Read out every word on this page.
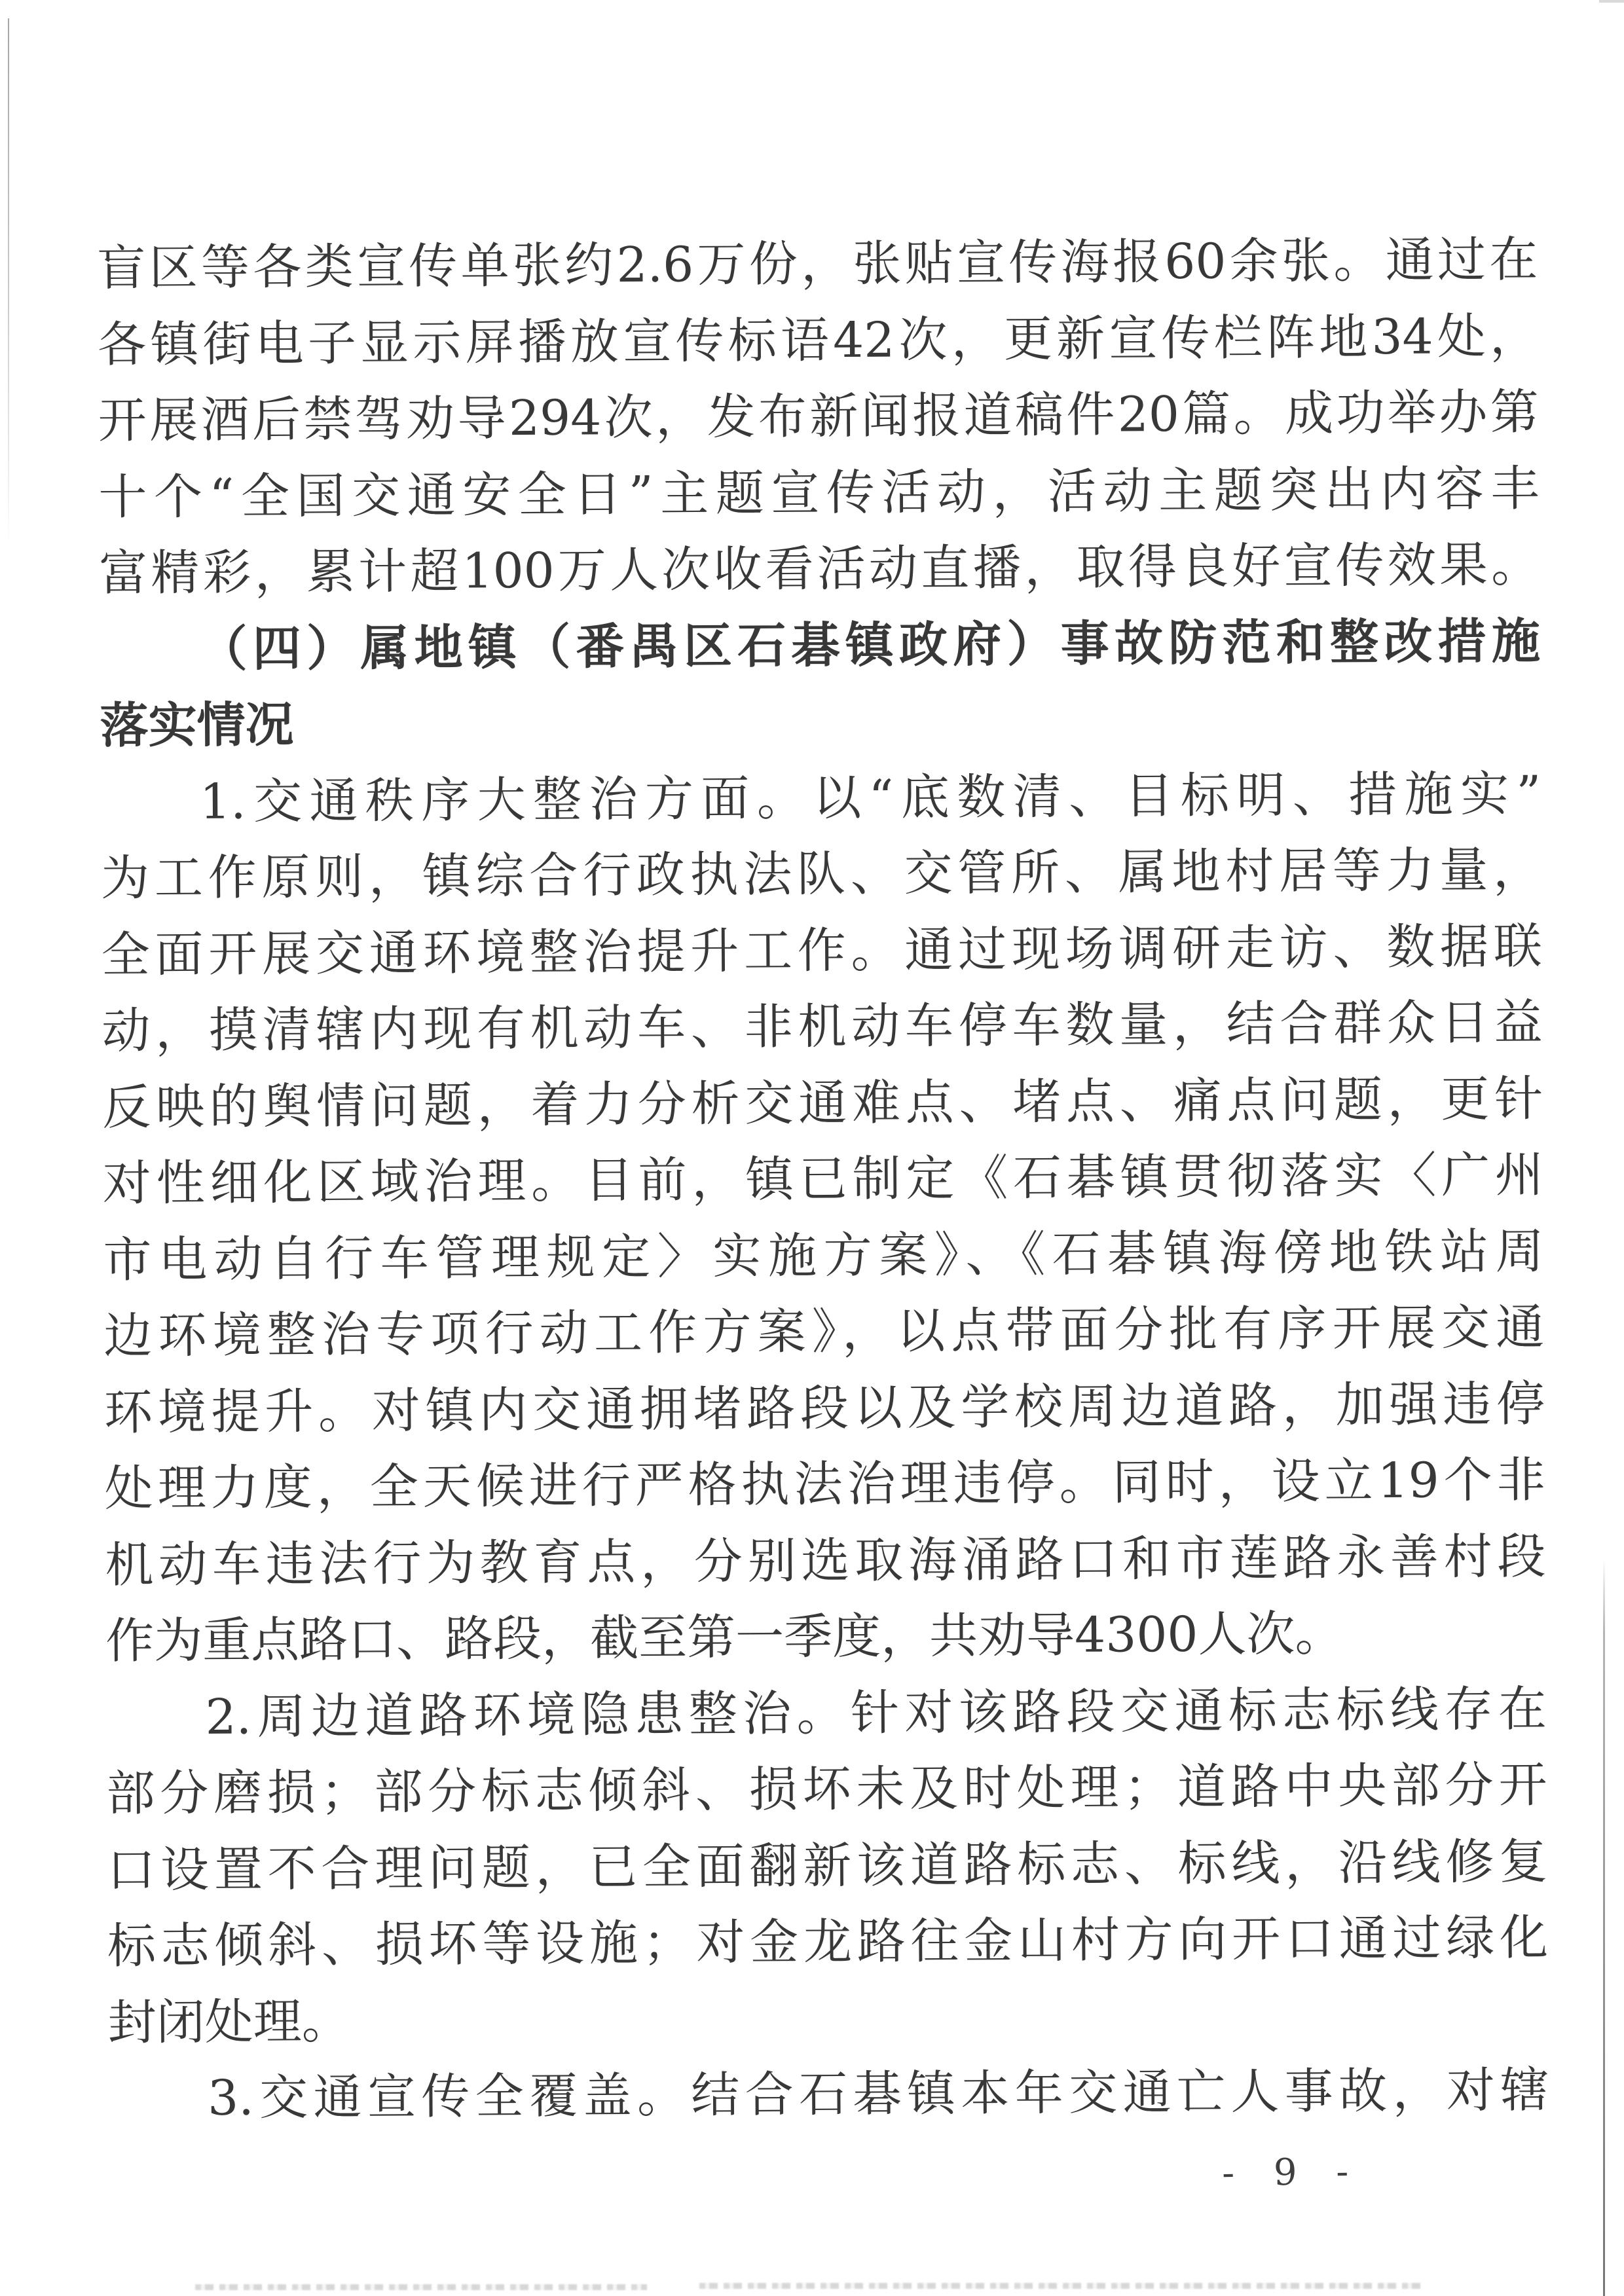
盲区等各类宣传单张约2.6万份，张贴宣传海报60余张。通过在
各镇街电子显示屏播放宣传标语42次，更新宣传栏阵地34处，
开展酒后禁驾劝导294次，发布新闻报道稿件20篇。成功举办第
十个“全国交通安全日”主题宣传活动，活动主题突出内容丰
富精彩，累计超100万人次收看活动直播，取得良好宣传效果。
（四）属地镇（番禺区石碁镇政府）事故防范和整改措施
落实情况
1.交通秩序大整治方面。以“底数清、目标明、措施实”
为工作原则，镇综合行政执法队、交管所、属地村居等力量，
全面开展交通环境整治提升工作。通过现场调研走访、数据联
动，摸清辖内现有机动车、非机动车停车数量，结合群众日益
反映的舆情问题，着力分析交通难点、堵点、痛点问题，更针
对性细化区域治理。目前，镇已制定《石碁镇贯彻落实〈广州
市电动自行车管理规定〉实施方案》、《石碁镇海傍地铁站周
边环境整治专项行动工作方案》，以点带面分批有序开展交通
环境提升。对镇内交通拥堵路段以及学校周边道路，加强违停
处理力度，全天候进行严格执法治理违停。同时，设立19个非
机动车违法行为教育点，分别选取海涌路口和市莲路永善村段
作为重点路口、路段，截至第一季度，共劝导4300人次。
2.周边道路环境隐患整治。针对该路段交通标志标线存在
部分磨损；部分标志倾斜、损坏未及时处理；道路中央部分开
口设置不合理问题，已全面翻新该道路标志、标线，沿线修复
标志倾斜、损坏等设施；对金龙路往金山村方向开口通过绿化
封闭处理。
3.交通宣传全覆盖。结合石碁镇本年交通亡人事故，对辖
- 9 -
